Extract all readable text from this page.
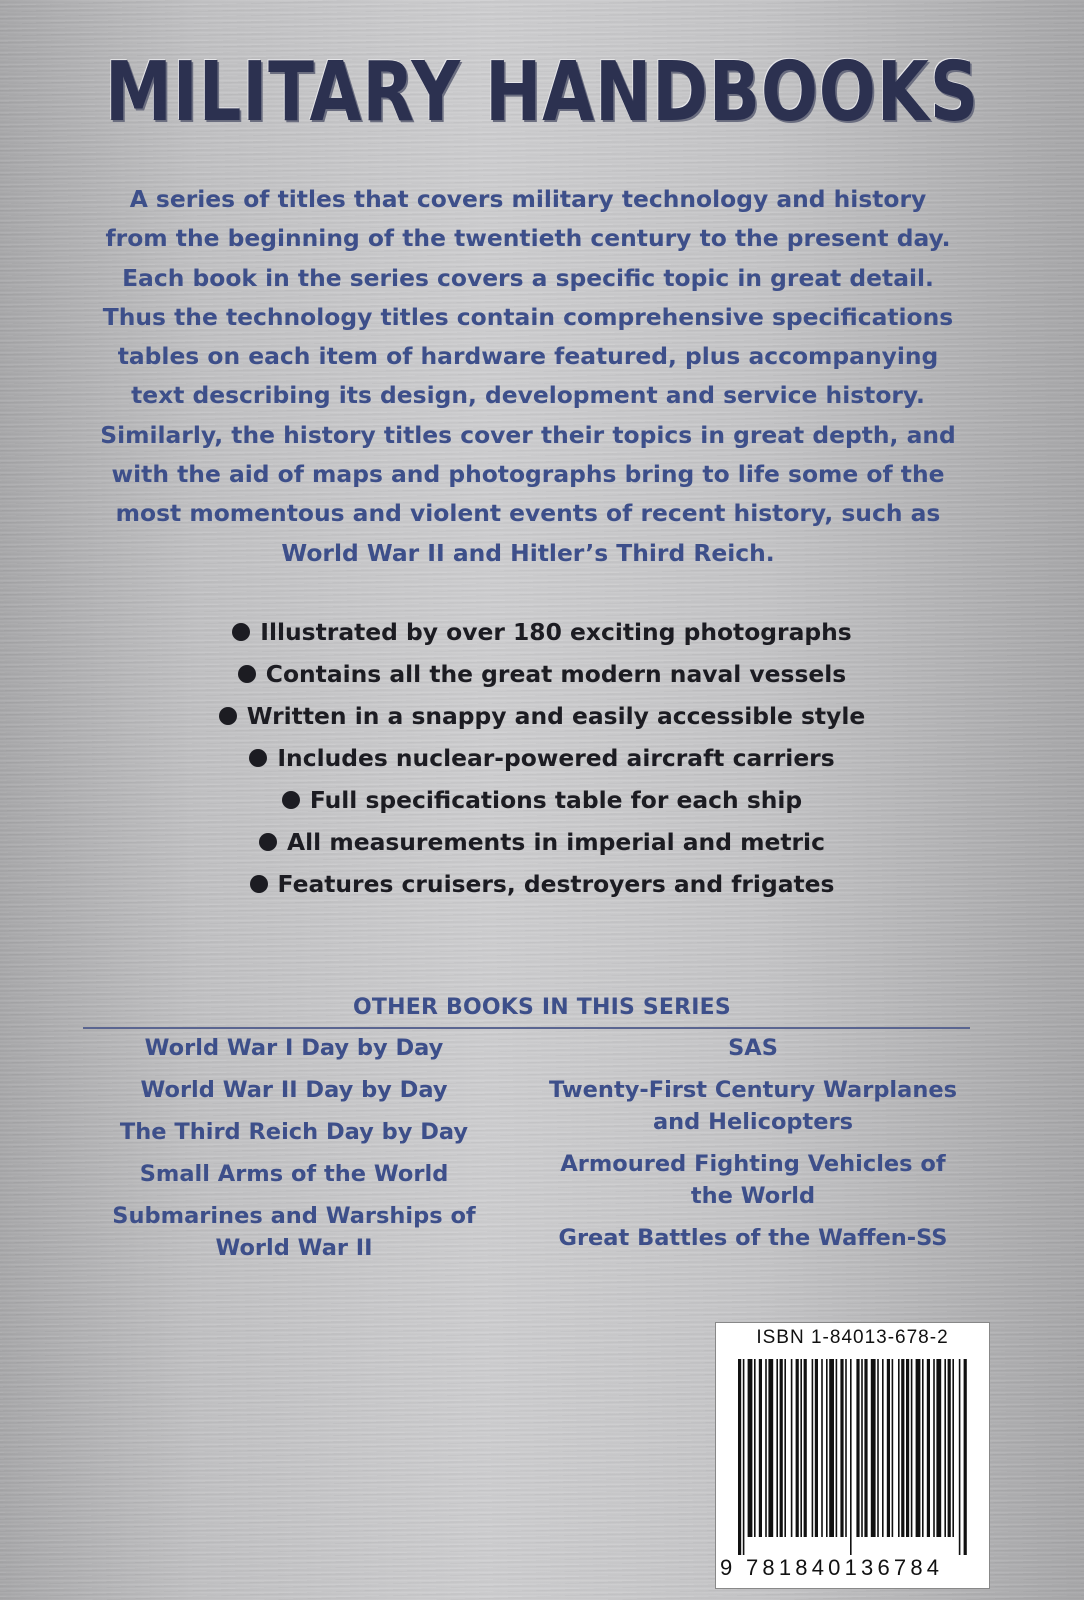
MILITARY HANDBOOKS
A series of titles that covers military technology and history from the beginning of the twentieth century to the present day. Each book in the series covers a specific topic in great detail. Thus the technology titles contain comprehensive specifications tables on each item of hardware featured, plus accompanying text describing its design, development and service history. Similarly, the history titles cover their topics in great depth, and with the aid of maps and photographs bring to life some of the most momentous and violent events of recent history, such as World War II and Hitler’s Third Reich.
Illustrated by over 180 exciting photographs
Contains all the great modern naval vessels
Written in a snappy and easily accessible style
Includes nuclear-powered aircraft carriers
Full specifications table for each ship
All measurements in imperial and metric
Features cruisers, destroyers and frigates
OTHER BOOKS IN THIS SERIES
World War I Day by Day
World War II Day by Day
The Third Reich Day by Day
Small Arms of the World
Submarines and Warships of World War II
SAS
Twenty-First Century Warplanes and Helicopters
Armoured Fighting Vehicles of the World
Great Battles of the Waffen-SS
ISBN 1-84013-678-2
9 781840136784
